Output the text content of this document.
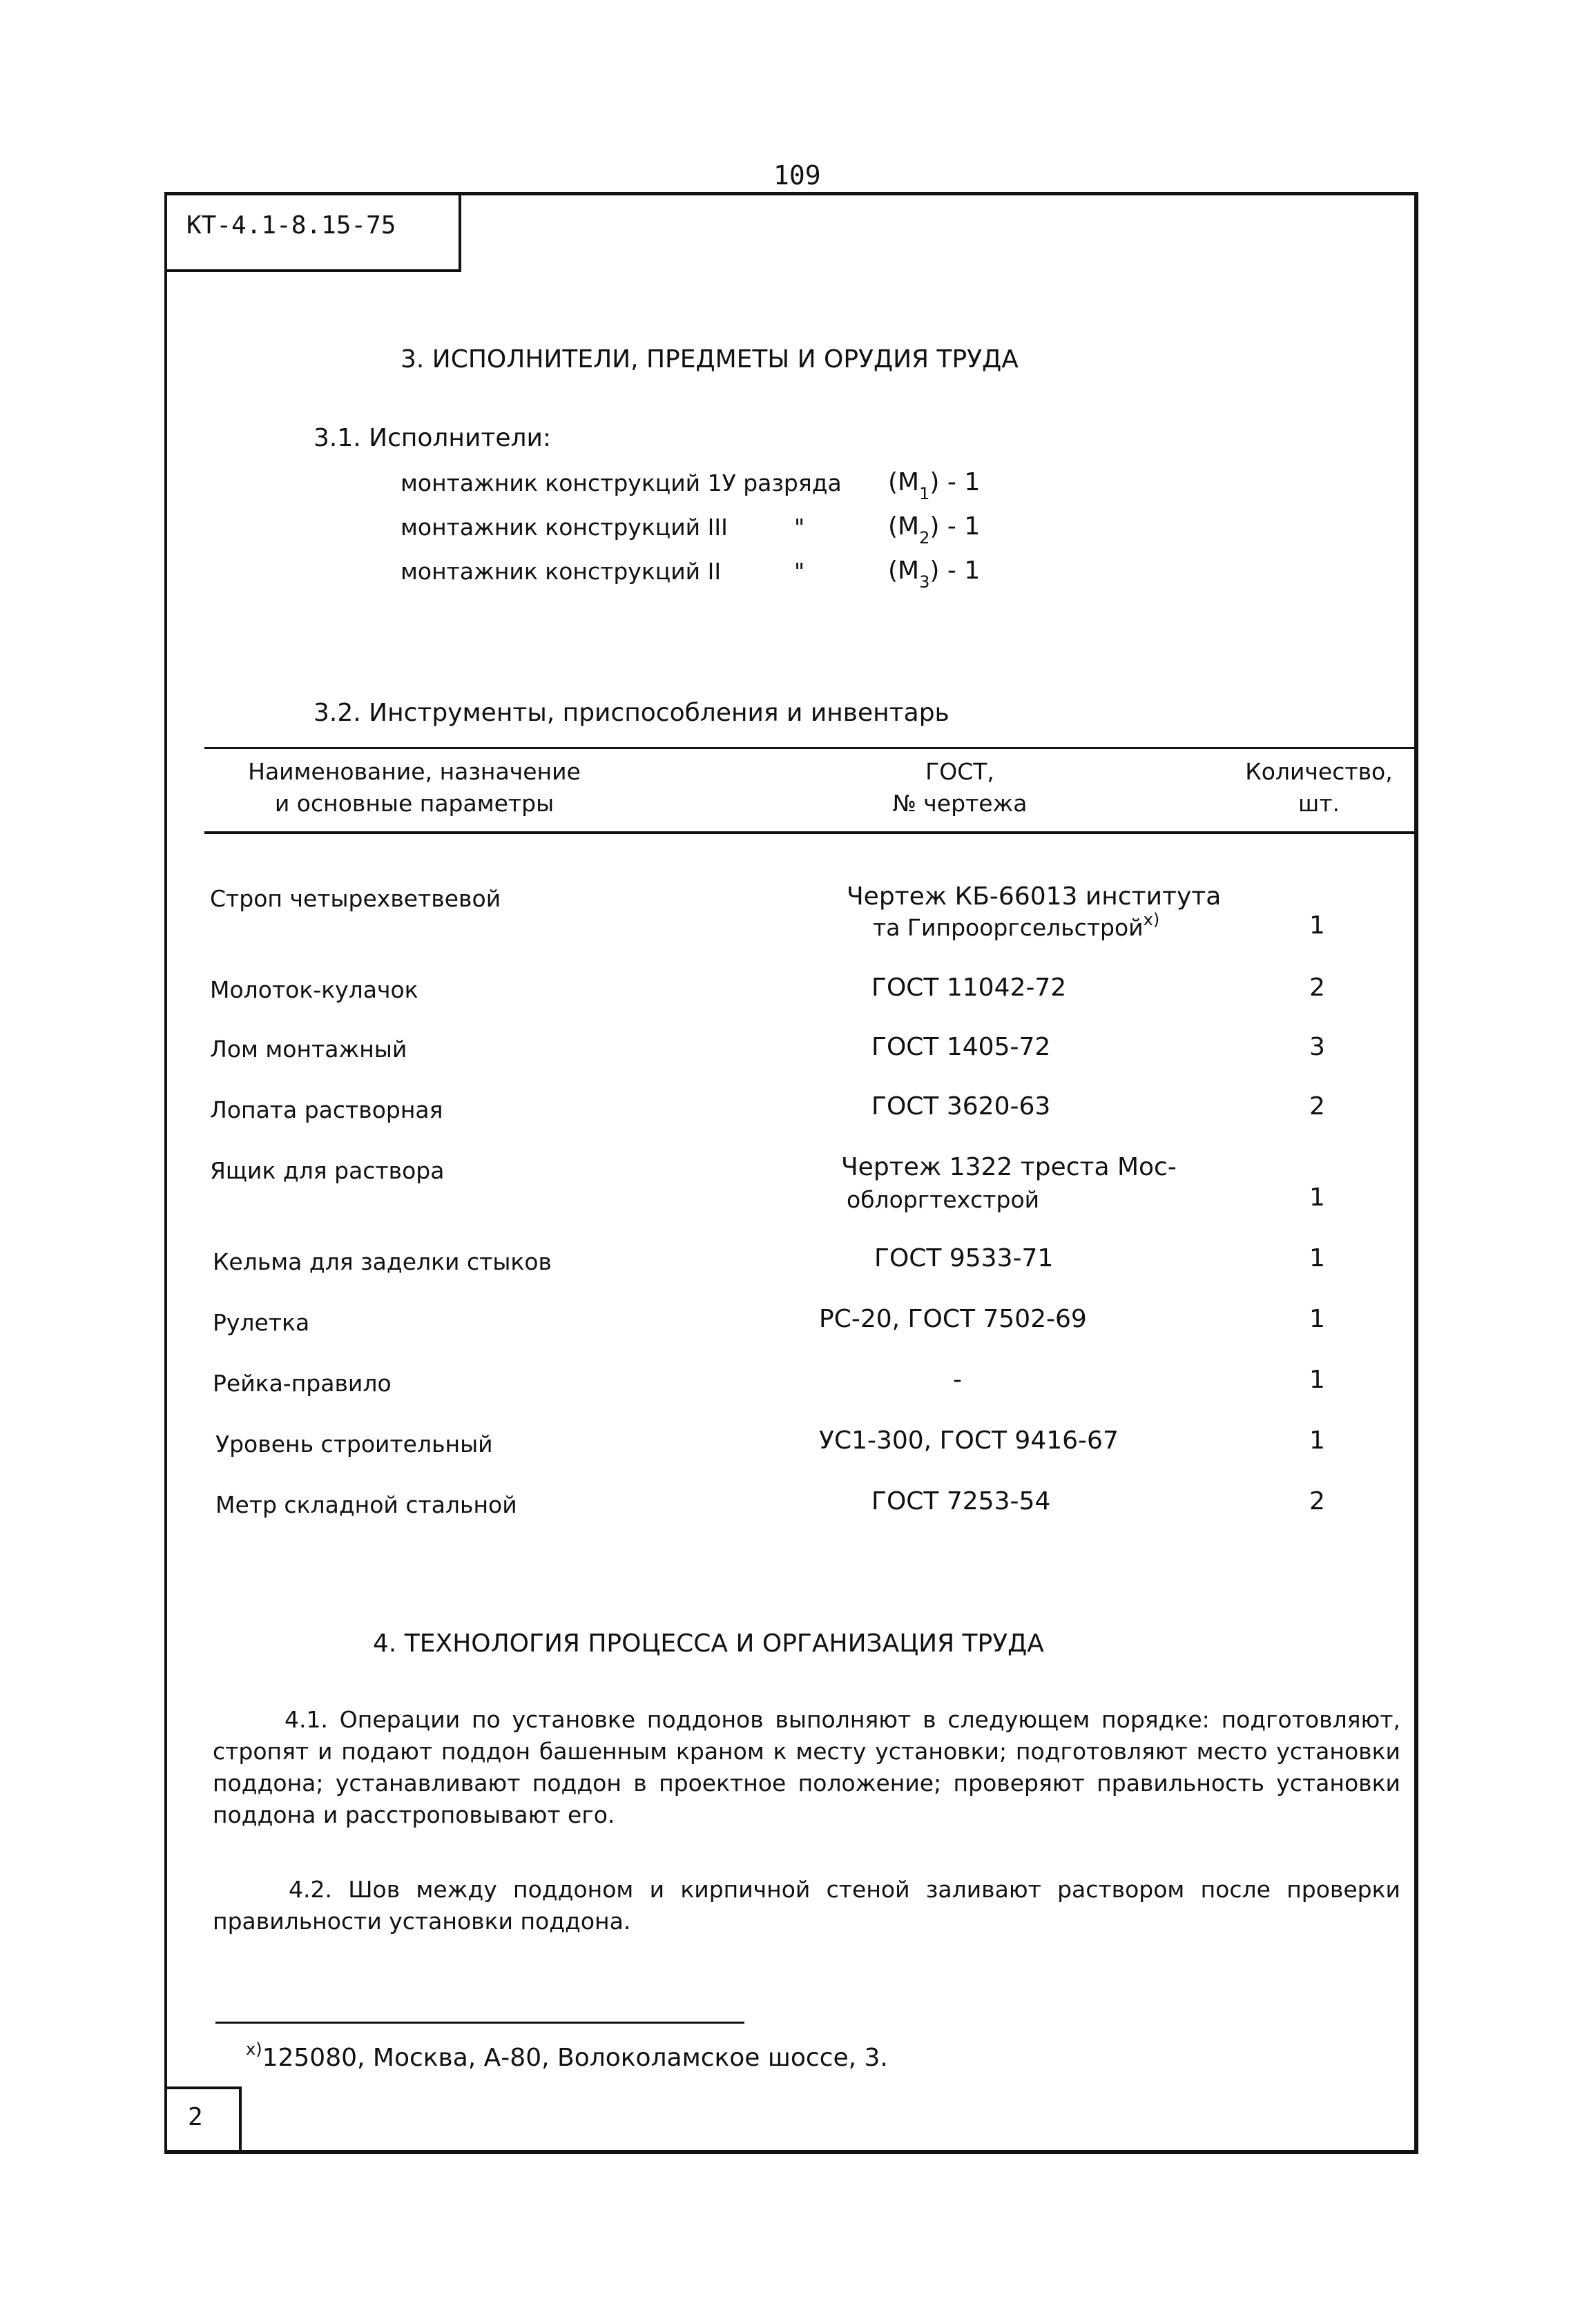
109
КТ-4.1-8.15-75
2
3. ИСПОЛНИТЕЛИ, ПРЕДМЕТЫ И ОРУДИЯ ТРУДА
3.1. Исполнители:
монтажник конструкций 1У разряда $(М_1) - 1$
монтажник конструкций III	"	$(М_2) - 1$
монтажник конструкций II	"	$(М_3) - 1$
3.2. Инструменты, приспособления и инвентарь
Наименование, назначение
и основные параметры
ГОСТ,
№ чертежа
Количество,
шт.
Строп четырехветвевой	Чертеж КБ-66013 института
та Гипрооргсельстрой$^{x)}$	1
Молоток-кулачок	ГОСТ 11042-72	2
Лом монтажный	ГОСТ 1405-72	3
Лопата растворная	ГОСТ 3620-63	2
Ящик для раствора	Чертеж 1322 треста Мос-
облоргтехстрой	1
Кельма для заделки стыков	ГОСТ 9533-71	1
Рулетка	РС-20, ГОСТ 7502-69	1
Рейка-правило	-	1
Уровень строительный	УС1-300, ГОСТ 9416-67	1
Метр складной стальной	ГОСТ 7253-54	2
4. ТЕХНОЛОГИЯ ПРОЦЕССА И ОРГАНИЗАЦИЯ ТРУДА
4.1. Операции по установке поддонов выполняют в следующем порядке: подготовляют, стропят и подают поддон башенным краном к месту установки; подготовляют место установки поддона; устанавливают поддон в проектное положение; проверяют правильность установки поддона и расстроповывают его.
4.2. Шов между поддоном и кирпичной стеной заливают раствором после проверки правильности установки поддона.
$^{x)}$125080, Москва, А-80, Волоколамское шоссе, 3.
